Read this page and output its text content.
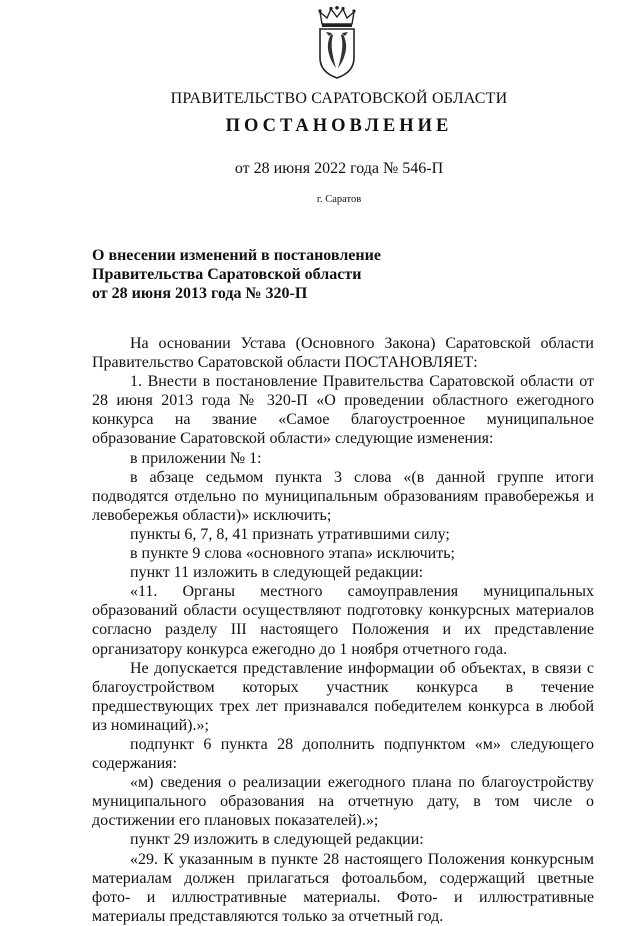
ПРАВИТЕЛЬСТВО САРАТОВСКОЙ ОБЛАСТИ
ПОСТАНОВЛЕНИЕ
от 28 июня 2022 года № 546-П
г. Саратов
О внесении изменений в постановление
Правительства Саратовской области
от 28 июня 2013 года № 320-П

На основании Устава (Основного Закона) Саратовской области Правительство Саратовской области ПОСТАНОВЛЯЕТ:

1. Внести в постановление Правительства Саратовской области от 28 июня 2013 года № 320-П «О проведении областного ежегодного конкурса на звание «Самое благоустроенное муниципальное образование Саратовской области» следующие изменения:

в приложении № 1:

в абзаце седьмом пункта 3 слова «(в данной группе итоги подводятся отдельно по муниципальным образованиям правобережья и левобережья области)» исключить;

пункты 6, 7, 8, 41 признать утратившими силу;

в пункте 9 слова «основного этапа» исключить;

пункт 11 изложить в следующей редакции:

«11. Органы местного самоуправления муниципальных образований области осуществляют подготовку конкурсных материалов согласно разделу III настоящего Положения и их представление организатору конкурса ежегодно до 1 ноября отчетного года.

Не допускается представление информации об объектах, в связи с благоустройством которых участник конкурса в течение предшествующих трех лет признавался победителем конкурса в любой из номинаций).»;

подпункт 6 пункта 28 дополнить подпунктом «м» следующего содержания:

«м) сведения о реализации ежегодного плана по благоустройству муниципального образования на отчетную дату, в том числе о достижении его плановых показателей).»;

пункт 29 изложить в следующей редакции:

«29. К указанным в пункте 28 настоящего Положения конкурсным материалам должен прилагаться фотоальбом, содержащий цветные фото- и иллюстративные материалы. Фото- и иллюстративные материалы представляются только за отчетный год.
